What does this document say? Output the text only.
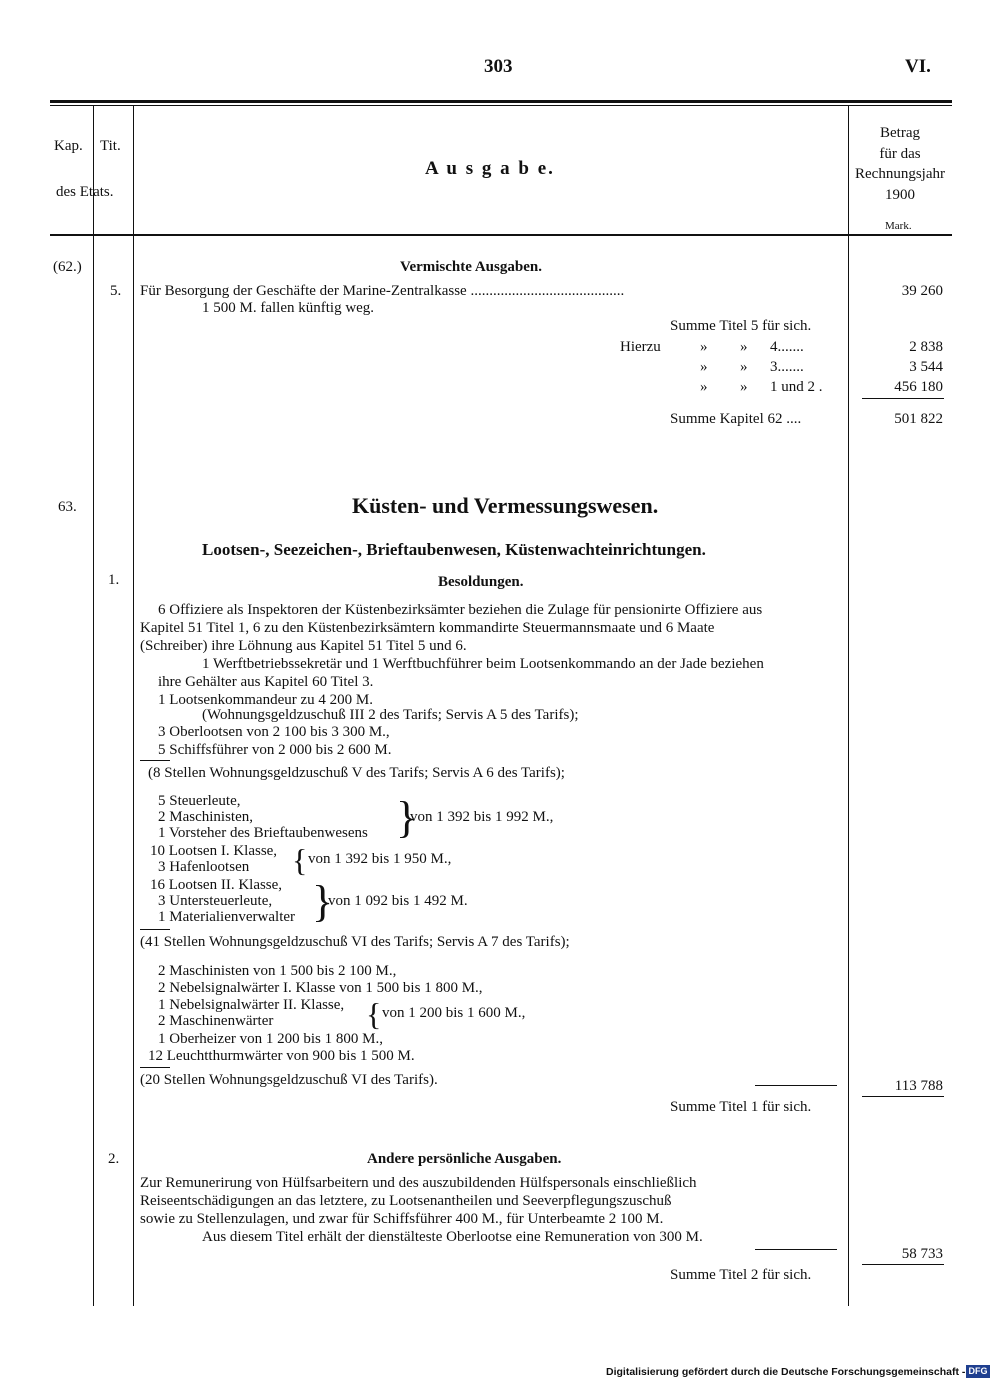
303	VI.
Kap. Tit.
des Etats.
A u s g a b e.
Betrag
für das
Rechnungsjahr
1900
Mark.
(62.)	Vermischte Ausgaben.
5. Für Besorgung der Geschäfte der Marine-Zentralkasse .........................................	39 260
1 500 M. fallen künftig weg.
Summe Titel 5 für sich.
Hierzu	» » 4.......	2 838
» » 3.......	3 544
» » 1 und 2 .	456 180
Summe Kapitel 62 ....	501 822
63.	Küsten- und Vermessungswesen.
Lootsen-, Seezeichen-, Brieftaubenwesen, Küstenwachteinrichtungen.
1.	Besoldungen.
6 Offiziere als Inspektoren der Küstenbezirksämter beziehen die Zulage für pensionirte Offiziere aus
Kapitel 51 Titel 1, 6 zu den Küstenbezirksämtern kommandirte Steuermannsmaate und 6 Maate
(Schreiber) ihre Löhnung aus Kapitel 51 Titel 5 und 6.
1 Werftbetriebssekretär und 1 Werftbuchführer beim Lootsenkommando an der Jade beziehen
ihre Gehälter aus Kapitel 60 Titel 3.
1 Lootsenkommandeur zu 4 200 M.
(Wohnungsgeldzuschuß III 2 des Tarifs; Servis A 5 des Tarifs);
3 Oberlootsen von 2 100 bis 3 300 M.,
5 Schiffsführer von 2 000 bis 2 600 M.
(8 Stellen Wohnungsgeldzuschuß V des Tarifs; Servis A 6 des Tarifs);
5 Steuerleute,
2 Maschinisten,
1 Vorsteher des Brieftaubenwesens }
von 1 392 bis 1 992 M.,
10 Lootsen I. Klasse,
3 Hafenlootsen { von 1 392 bis 1 950 M.,
16 Lootsen II. Klasse,
3 Untersteuerleute,
1 Materialienverwalter }
von 1 092 bis 1 492 M.
(41 Stellen Wohnungsgeldzuschuß VI des Tarifs; Servis A 7 des Tarifs);
2 Maschinisten von 1 500 bis 2 100 M.,
2 Nebelsignalwärter I. Klasse von 1 500 bis 1 800 M.,
1 Nebelsignalwärter II. Klasse,
2 Maschinenwärter	{ von 1 200 bis 1 600 M.,
1 Oberheizer von 1 200 bis 1 800 M.,
12 Leuchtthurmwärter von 900 bis 1 500 M.
(20 Stellen Wohnungsgeldzuschuß VI des Tarifs).	113 788
Summe Titel 1 für sich.
2.	Andere persönliche Ausgaben.
Zur Remunerirung von Hülfsarbeitern und des auszubildenden Hülfspersonals einschließlich
Reiseentschädigungen an das letztere, zu Lootsenantheilen und Seeverpflegungszuschuß
sowie zu Stellenzulagen, und zwar für Schiffsführer 400 M., für Unterbeamte 2 100 M.
Aus diesem Titel erhält der dienstälteste Oberlootse eine Remuneration von 300 M.
58 733
Summe Titel 2 für sich.
Digitalisierung gefördert durch die Deutsche Forschungsgemeinschaft - DFG
